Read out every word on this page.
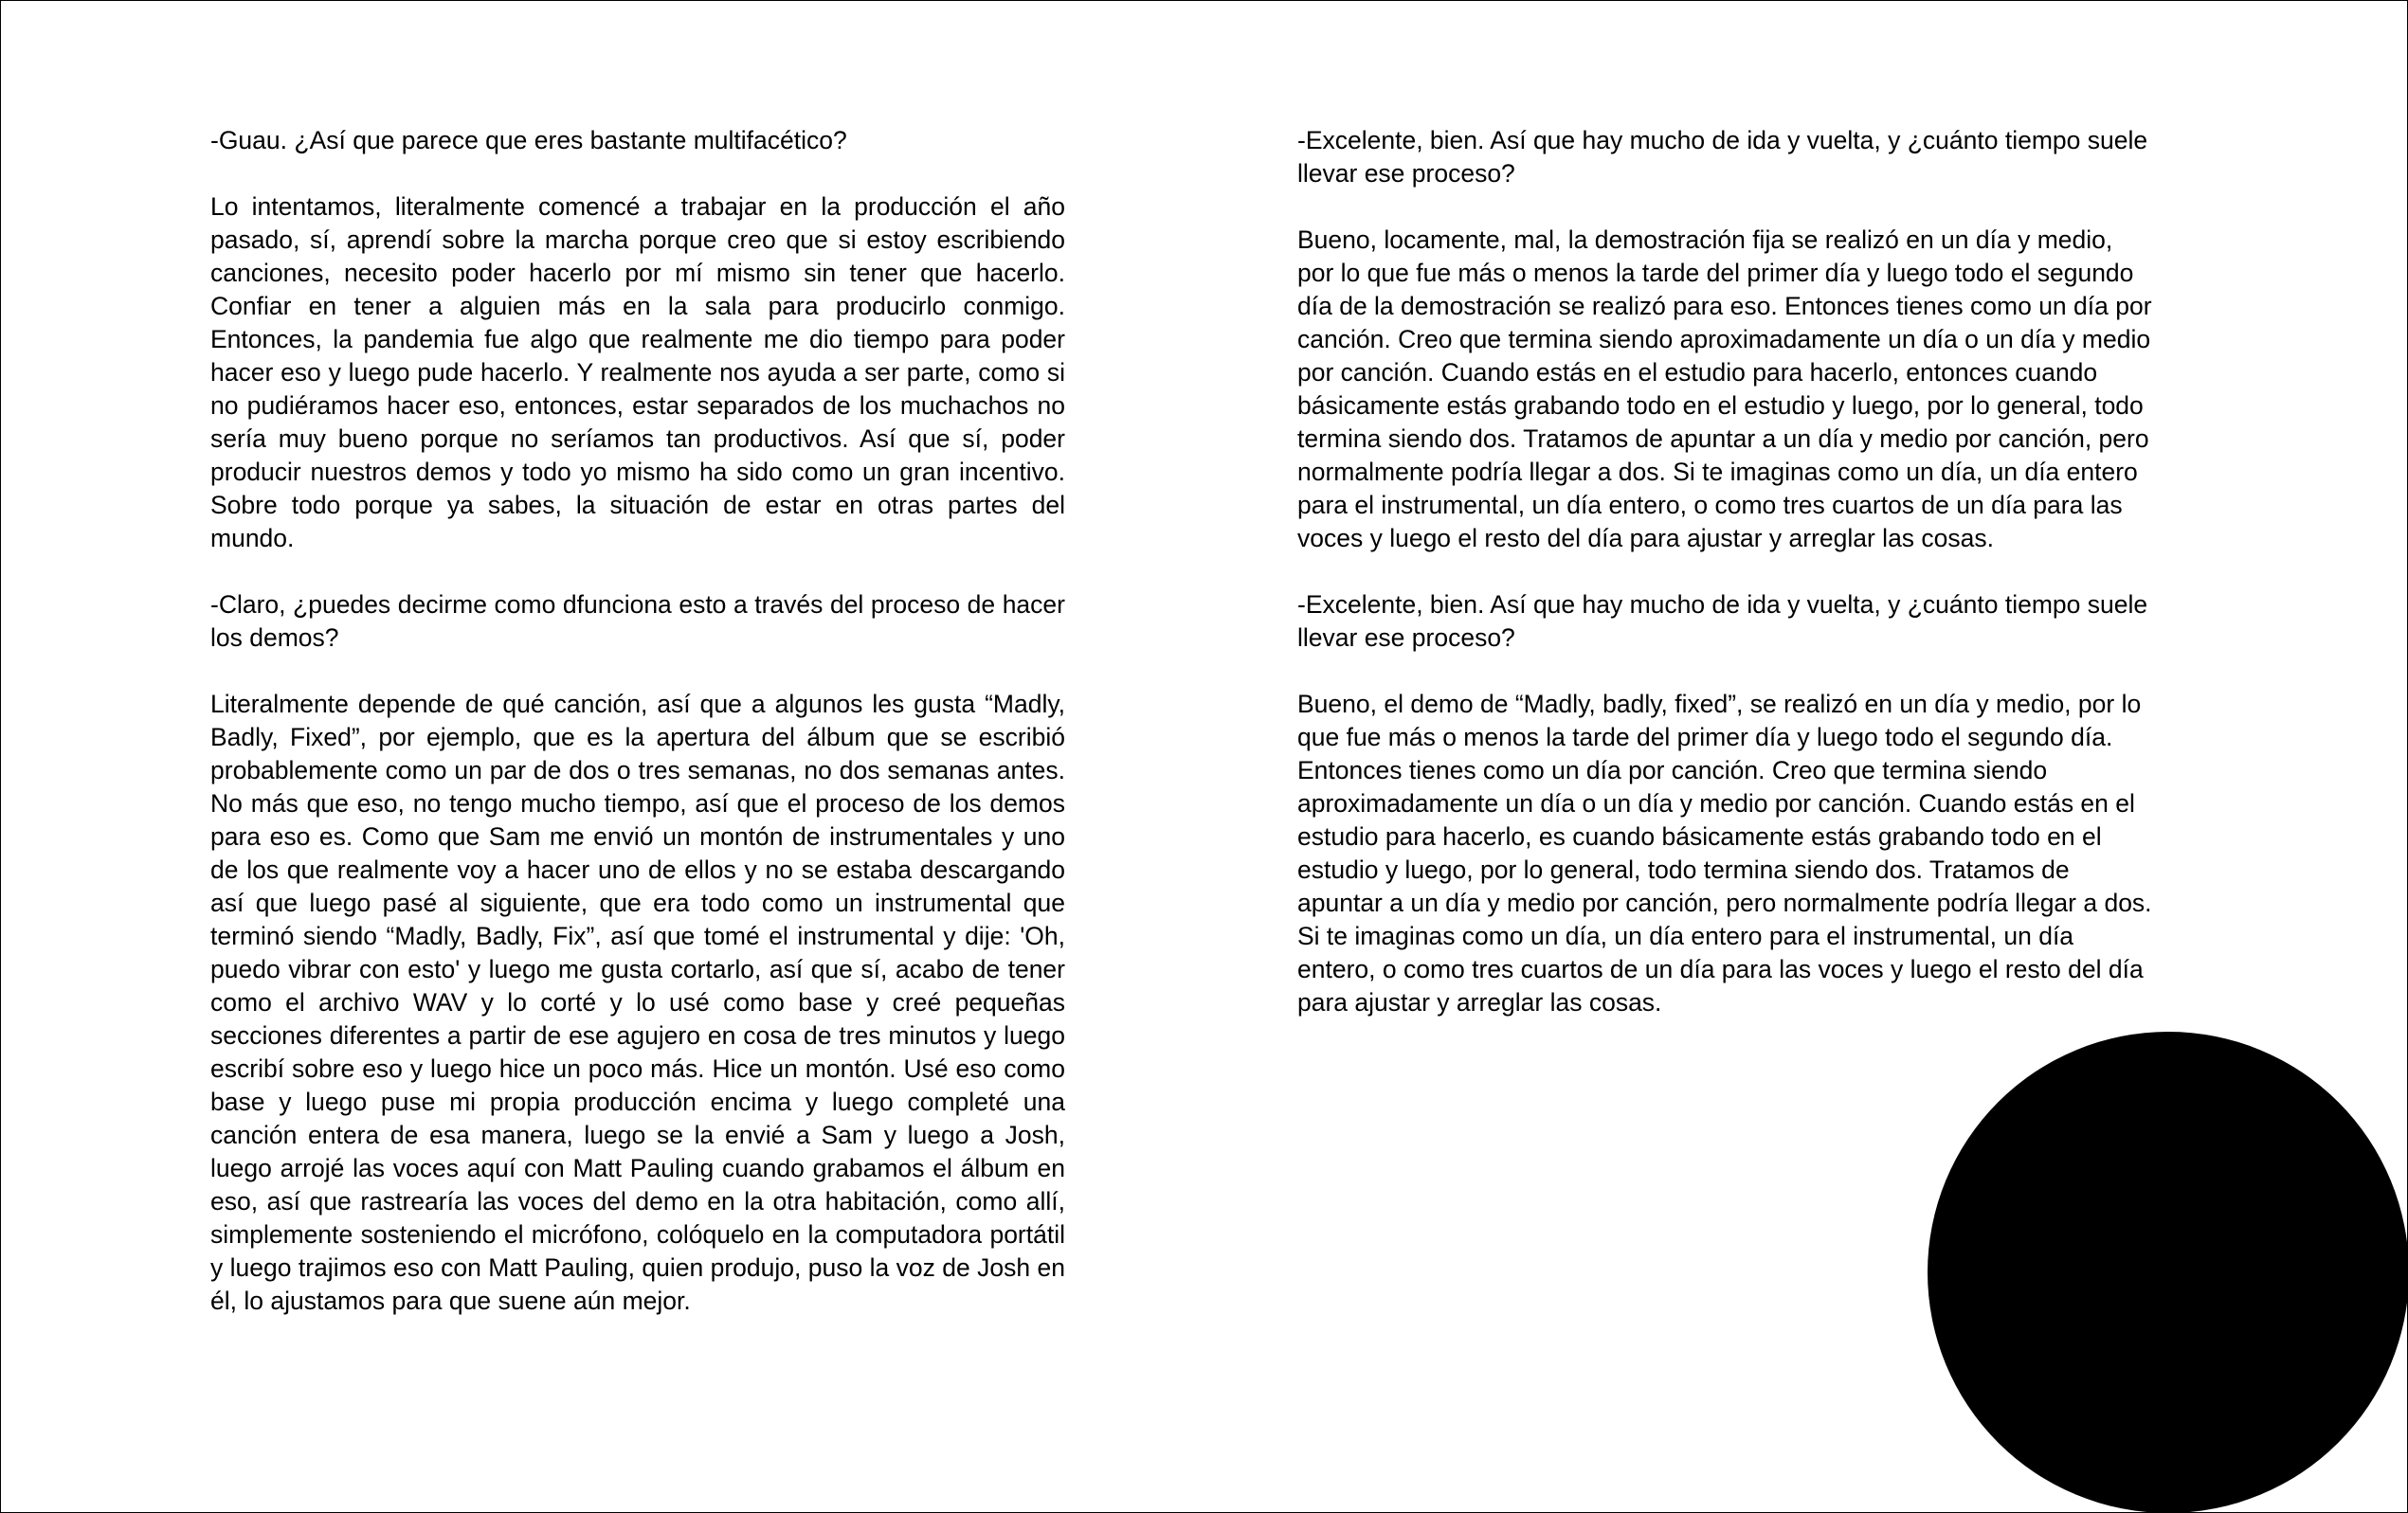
-Guau. ¿Así que parece que eres bastante multifacético?

Lo intentamos, literalmente comencé a trabajar en la producción el año pasado, sí, aprendí sobre la marcha porque creo que si estoy escribiendo canciones, necesito poder hacerlo por mí mismo sin tener que hacerlo. Confiar en tener a alguien más en la sala para producirlo conmigo. Entonces, la pandemia fue algo que realmente me dio tiempo para poder hacer eso y luego pude hacerlo. Y realmente nos ayuda a ser parte, como si no pudiéramos hacer eso, entonces, estar separados de los muchachos no sería muy bueno porque no seríamos tan productivos. Así que sí, poder producir nuestros demos y todo yo mismo ha sido como un gran incentivo. Sobre todo porque ya sabes, la situación de estar en otras partes del mundo.

-Claro, ¿puedes decirme como dfunciona esto a través del proceso de hacer los demos?

Literalmente depende de qué canción, así que a algunos les gusta “Madly, Badly, Fixed”, por ejemplo, que es la apertura del álbum que se escribió probablemente como un par de dos o tres semanas, no dos semanas antes. No más que eso, no tengo mucho tiempo, así que el proceso de los demos para eso es. Como que Sam me envió un montón de instrumentales y uno de los que realmente voy a hacer uno de ellos y no se estaba descargando así que luego pasé al siguiente, que era todo como un instrumental que terminó siendo “Madly, Badly, Fix”, así que tomé el instrumental y dije: 'Oh, puedo vibrar con esto' y luego me gusta cortarlo, así que sí, acabo de tener como el archivo WAV y lo corté y lo usé como base y creé pequeñas secciones diferentes a partir de ese agujero en cosa de tres minutos y luego escribí sobre eso y luego hice un poco más. Hice un montón. Usé eso como base y luego puse mi propia producción encima y luego completé una canción entera de esa manera, luego se la envié a Sam y luego a Josh, luego arrojé las voces aquí con Matt Pauling cuando grabamos el álbum en eso, así que rastrearía las voces del demo en la otra habitación, como allí, simplemente sosteniendo el micrófono, colóquelo en la computadora portátil y luego trajimos eso con Matt Pauling, quien produjo, puso la voz de Josh en él, lo ajustamos para que suene aún mejor.

-Excelente, bien. Así que hay mucho de ida y vuelta, y ¿cuánto tiempo suele llevar ese proceso?

Bueno, locamente, mal, la demostración fija se realizó en un día y medio, por lo que fue más o menos la tarde del primer día y luego todo el segundo día de la demostración se realizó para eso. Entonces tienes como un día por canción. Creo que termina siendo aproximadamente un día o un día y medio por canción. Cuando estás en el estudio para hacerlo, entonces cuando básicamente estás grabando todo en el estudio y luego, por lo general, todo termina siendo dos. Tratamos de apuntar a un día y medio por canción, pero normalmente podría llegar a dos. Si te imaginas como un día, un día entero para el instrumental, un día entero, o como tres cuartos de un día para las voces y luego el resto del día para ajustar y arreglar las cosas.

-Excelente, bien. Así que hay mucho de ida y vuelta, y ¿cuánto tiempo suele llevar ese proceso?

Bueno, el demo de “Madly, badly, fixed”, se realizó en un día y medio, por lo que fue más o menos la tarde del primer día y luego todo el segundo día. Entonces tienes como un día por canción. Creo que termina siendo aproximadamente un día o un día y medio por canción. Cuando estás en el estudio para hacerlo, es cuando básicamente estás grabando todo en el estudio y luego, por lo general, todo termina siendo dos. Tratamos de apuntar a un día y medio por canción, pero normalmente podría llegar a dos. Si te imaginas como un día, un día entero para el instrumental, un día entero, o como tres cuartos de un día para las voces y luego el resto del día para ajustar y arreglar las cosas.
